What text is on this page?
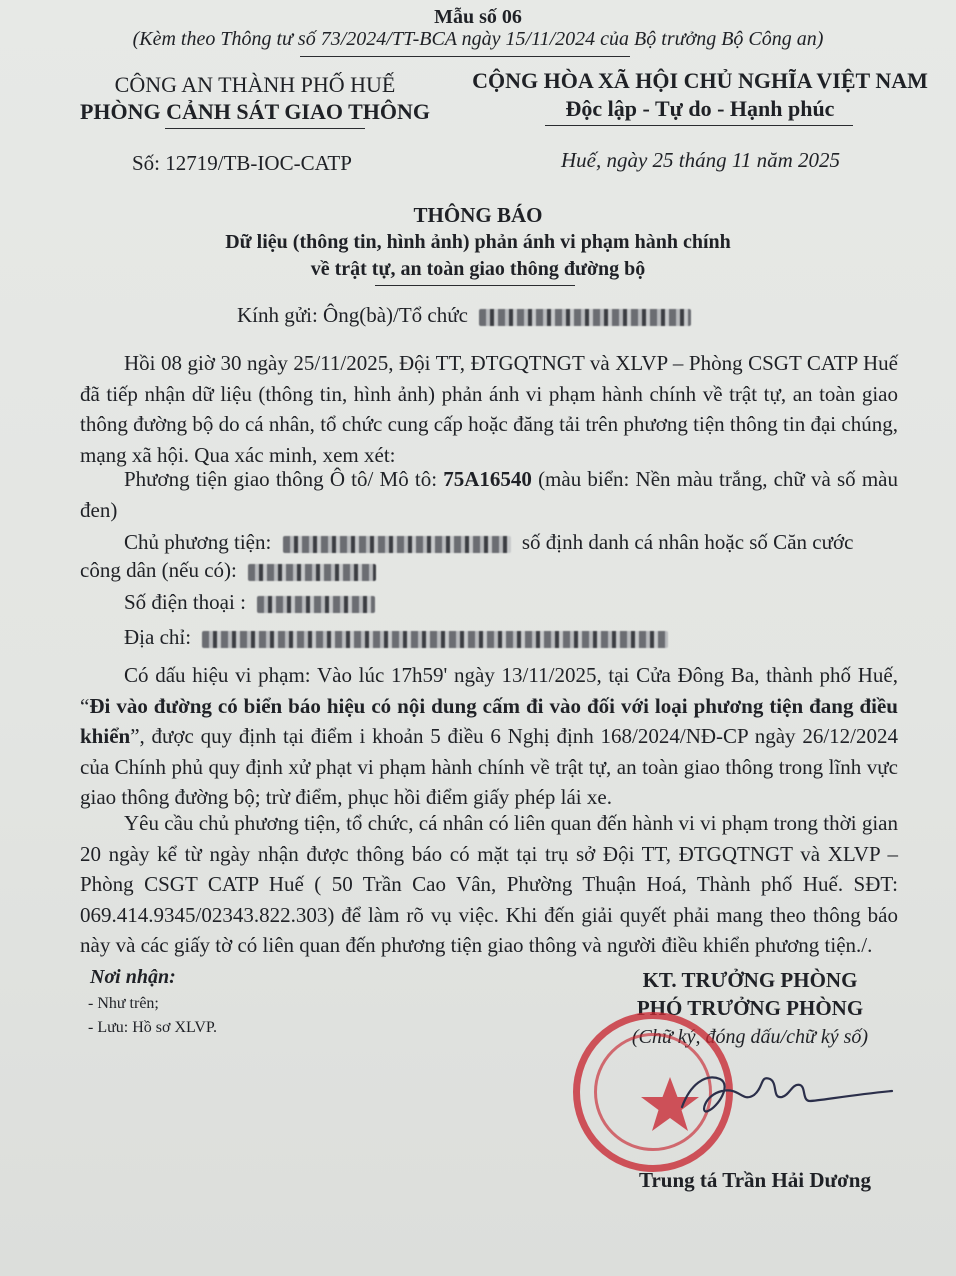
Mẫu số 06
(Kèm theo Thông tư số 73/2024/TT-BCA ngày 15/11/2024 của Bộ trưởng Bộ Công an)
CÔNG AN THÀNH PHỐ HUẾ
PHÒNG CẢNH SÁT GIAO THÔNG
CỘNG HÒA XÃ HỘI CHỦ NGHĨA VIỆT NAM
Độc lập - Tự do - Hạnh phúc
Số: 12719/TB-IOC-CATP	Huế, ngày 25 tháng 11 năm 2025
THÔNG BÁO
Dữ liệu (thông tin, hình ảnh) phản ánh vi phạm hành chính
về trật tự, an toàn giao thông đường bộ
Kính gửi: Ông(bà)/Tổ chức
Hồi 08 giờ 30 ngày 25/11/2025, Đội TT, ĐTGQTNGT và XLVP – Phòng CSGT CATP Huế đã tiếp nhận dữ liệu (thông tin, hình ảnh) phản ánh vi phạm hành chính về trật tự, an toàn giao thông đường bộ do cá nhân, tổ chức cung cấp hoặc đăng tải trên phương tiện thông tin đại chúng, mạng xã hội. Qua xác minh, xem xét:
Phương tiện giao thông Ô tô/ Mô tô: 75A16540 (màu biển: Nền màu trắng, chữ và số màu đen)
Chủ phương tiện:	số định danh cá nhân hoặc số Căn cước
công dân (nếu có):
Số điện thoại :
Địa chỉ:
Có dấu hiệu vi phạm: Vào lúc 17h59' ngày 13/11/2025, tại Cửa Đông Ba, thành phố Huế, “Đi vào đường có biển báo hiệu có nội dung cấm đi vào đối với loại phương tiện đang điều khiển”, được quy định tại điểm i khoản 5 điều 6 Nghị định 168/2024/NĐ-CP ngày 26/12/2024 của Chính phủ quy định xử phạt vi phạm hành chính về trật tự, an toàn giao thông trong lĩnh vực giao thông đường bộ; trừ điểm, phục hồi điểm giấy phép lái xe.
Yêu cầu chủ phương tiện, tổ chức, cá nhân có liên quan đến hành vi vi phạm trong thời gian 20 ngày kể từ ngày nhận được thông báo có mặt tại trụ sở Đội TT, ĐTGQTNGT và XLVP – Phòng CSGT CATP Huế ( 50 Trần Cao Vân, Phường Thuận Hoá, Thành phố Huế. SĐT: 069.414.9345/02343.822.303) để làm rõ vụ việc. Khi đến giải quyết phải mang theo thông báo này và các giấy tờ có liên quan đến phương tiện giao thông và người điều khiển phương tiện./.
Nơi nhận:
- Như trên;
- Lưu: Hồ sơ XLVP.
KT. TRƯỞNG PHÒNG
PHÓ TRƯỞNG PHÒNG
(Chữ ký, đóng dấu/chữ ký số)
Trung tá Trần Hải Dương
